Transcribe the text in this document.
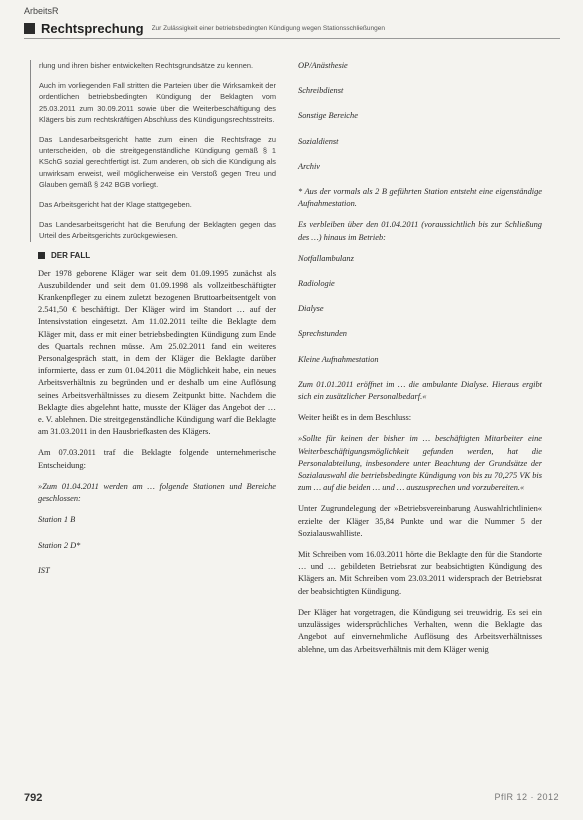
ArbeitsR
Rechtsprechung Zur Zulässigkeit einer betriebsbedingten Kündigung wegen Stationsschließungen

rlung und ihren bisher entwickelten Rechtsgrundsätze zu kennen.

Auch im vorliegenden Fall stritten die Parteien über die Wirksamkeit der ordentlichen betriebsbedingten Kündigung der Beklagten vom 25.03.2011 zum 30.09.2011 sowie über die Weiterbeschäftigung des Klägers bis zum rechtskräftigen Abschluss des Kündigungsrechtsstreits.

Das Landesarbeitsgericht hatte zum einen die Rechtsfrage zu unterscheiden, ob die streitgegenständliche Kündigung gemäß § 1 KSchG sozial gerechtfertigt ist. Zum anderen, ob sich die Kündigung als unwirksam erweist, weil möglicherweise ein Verstoß gegen Treu und Glauben gemäß § 242 BGB vorliegt.

Das Arbeitsgericht hat der Klage stattgegeben.

Das Landesarbeitsgericht hat die Berufung der Beklagten gegen das Urteil des Arbeitsgerichts zurückgewiesen.

DER FALL

Der 1978 geborene Kläger war seit dem 01.09.1995 zunächst als Auszubildender und seit dem 01.09.1998 als vollzeitbeschäftigter Krankenpfleger zu einem zuletzt bezogenen Bruttoarbeitsentgelt von 2.541,50 € beschäftigt. Der Kläger wird im Standort … auf der Intensivstation eingesetzt. Am 11.02.2011 teilte die Beklagte dem Kläger mit, dass er mit einer betriebsbedingten Kündigung zum Ende des Quartals rechnen müsse. Am 25.02.2011 fand ein weiteres Personalgespräch statt, in dem der Kläger die Beklagte darüber informierte, dass er zum 01.04.2011 die Möglichkeit habe, ein neues Arbeitsverhältnis zu begründen und er deshalb um eine Auflösung seines Arbeitsverhältnisses zu diesem Zeitpunkt bitte. Nachdem die Beklagte dies abgelehnt hatte, musste der Kläger das Angebot der … e. V. ablehnen. Die streitgegenständliche Kündigung warf die Beklagte am 31.03.2011 in den Hausbriefkasten des Klägers.

Am 07.03.2011 traf die Beklagte folgende unternehmerische Entscheidung:

»Zum 01.04.2011 werden am … folgende Stationen und Bereiche geschlossen:

Station 1 B

Station 2 D*

IST

OP/Anästhesie

Schreibdienst

Sonstige Bereiche

Sozialdienst

Archiv

* Aus der vormals als 2 B geführten Station entsteht eine eigenständige Aufnahmestation.

Es verbleiben über den 01.04.2011 (voraussichtlich bis zur Schließung des …) hinaus im Betrieb:

Notfallambulanz

Radiologie

Dialyse

Sprechstunden

Kleine Aufnahmestation

Zum 01.01.2011 eröffnet im … die ambulante Dialyse. Hieraus ergibt sich ein zusätzlicher Personalbedarf.«

Weiter heißt es in dem Beschluss:

»Sollte für keinen der bisher im … beschäftigten Mitarbeiter eine Weiterbeschäftigungsmöglichkeit gefunden werden, hat die Personalabteilung, insbesondere unter Beachtung der Grundsätze der Sozialauswahl die betriebsbedingte Kündigung von bis zu 70,275 VK bis zum … auf die beiden … und … auszusprechen und vorzubereiten.«

Unter Zugrundelegung der »Betriebsvereinbarung Auswahlrichtlinien« erzielte der Kläger 35,84 Punkte und war die Nummer 5 der Sozialauswahlliste.

Mit Schreiben vom 16.03.2011 hörte die Beklagte den für die Standorte … und … gebildeten Betriebsrat zur beabsichtigten Kündigung des Klägers an. Mit Schreiben vom 23.03.2011 widersprach der Betriebsrat der beabsichtigten Kündigung.

Der Kläger hat vorgetragen, die Kündigung sei treuwidrig. Es sei ein unzulässiges widersprüchliches Verhalten, wenn die Beklagte das Angebot auf einvernehmliche Auflösung des Arbeitsverhältnisses ablehne, um das Arbeitsverhältnis mit dem Kläger wenig

792	PflR 12 · 2012
